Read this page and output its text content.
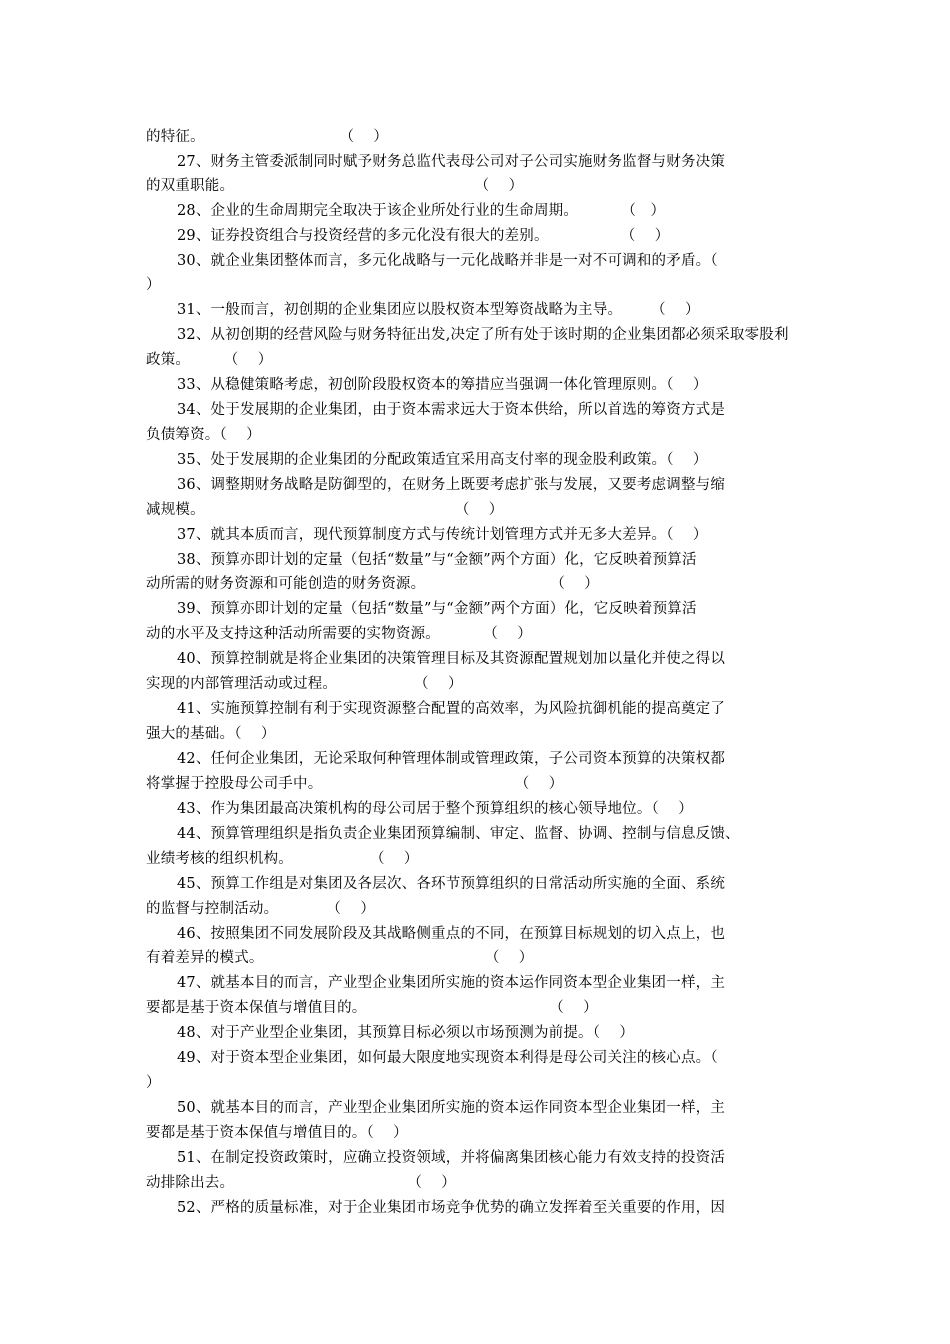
的特征。                            （    ）
27、财务主管委派制同时赋予财务总监代表母公司对子公司实施财务监督与财务决策
的双重职能。                                                  （    ）
28、企业的生命周期完全取决于该企业所处行业的生命周期。         （   ）
29、证券投资组合与投资经营的多元化没有很大的差别。               （    ）
30、就企业集团整体而言，多元化战略与一元化战略并非是一对不可调和的矛盾。（
）
31、一般而言，初创期的企业集团应以股权资本型筹资战略为主导。      （    ）
32、从初创期的经营风险与财务特征出发,决定了所有处于该时期的企业集团都必须采取零股利
政策。       （    ）
33、从稳健策略考虑，初创阶段股权资本的筹措应当强调一体化管理原则。（    ）
34、处于发展期的企业集团，由于资本需求远大于资本供给，所以首选的筹资方式是
负债筹资。（    ）
35、处于发展期的企业集团的分配政策适宜采用高支付率的现金股利政策。（    ）
36、调整期财务战略是防御型的，在财务上既要考虑扩张与发展，又要考虑调整与缩
减规模。                                                    （    ）
37、就其本质而言，现代预算制度方式与传统计划管理方式并无多大差异。（    ）
38、预算亦即计划的定量（包括“数量”与“金额”两个方面）化，它反映着预算活
动所需的财务资源和可能创造的财务资源。                          （    ）
39、预算亦即计划的定量（包括“数量”与“金额”两个方面）化，它反映着预算活
动的水平及支持这种活动所需要的实物资源。         （    ）
40、预算控制就是将企业集团的决策管理目标及其资源配置规划加以量化并使之得以
实现的内部管理活动或过程。                （    ）
41、实施预算控制有利于实现资源整合配置的高效率，为风险抗御机能的提高奠定了
强大的基础。（    ）
42、任何企业集团，无论采取何种管理体制或管理政策，子公司资本预算的决策权都
将掌握于控股母公司手中。                                        （    ）
43、作为集团最高决策机构的母公司居于整个预算组织的核心领导地位。（    ）
44、预算管理组织是指负责企业集团预算编制、审定、监督、协调、控制与信息反馈、
业绩考核的组织机构。                （    ）
45、预算工作组是对集团及各层次、各环节预算组织的日常活动所实施的全面、系统
的监督与控制活动。          （    ）
46、按照集团不同发展阶段及其战略侧重点的不同，在预算目标规划的切入点上，也
有着差异的模式。                                              （    ）
47、就基本目的而言，产业型企业集团所实施的资本运作同资本型企业集团一样，主
要都是基于资本保值与增值目的。                                      （    ）
48、对于产业型企业集团，其预算目标必须以市场预测为前提。（    ）
49、对于资本型企业集团，如何最大限度地实现资本利得是母公司关注的核心点。（
）
50、就基本目的而言，产业型企业集团所实施的资本运作同资本型企业集团一样，主
要都是基于资本保值与增值目的。（    ）
51、在制定投资政策时，应确立投资领域，并将偏离集团核心能力有效支持的投资活
动排除出去。                                    （    ）
52、严格的质量标准，对于企业集团市场竞争优势的确立发挥着至关重要的作用，因
